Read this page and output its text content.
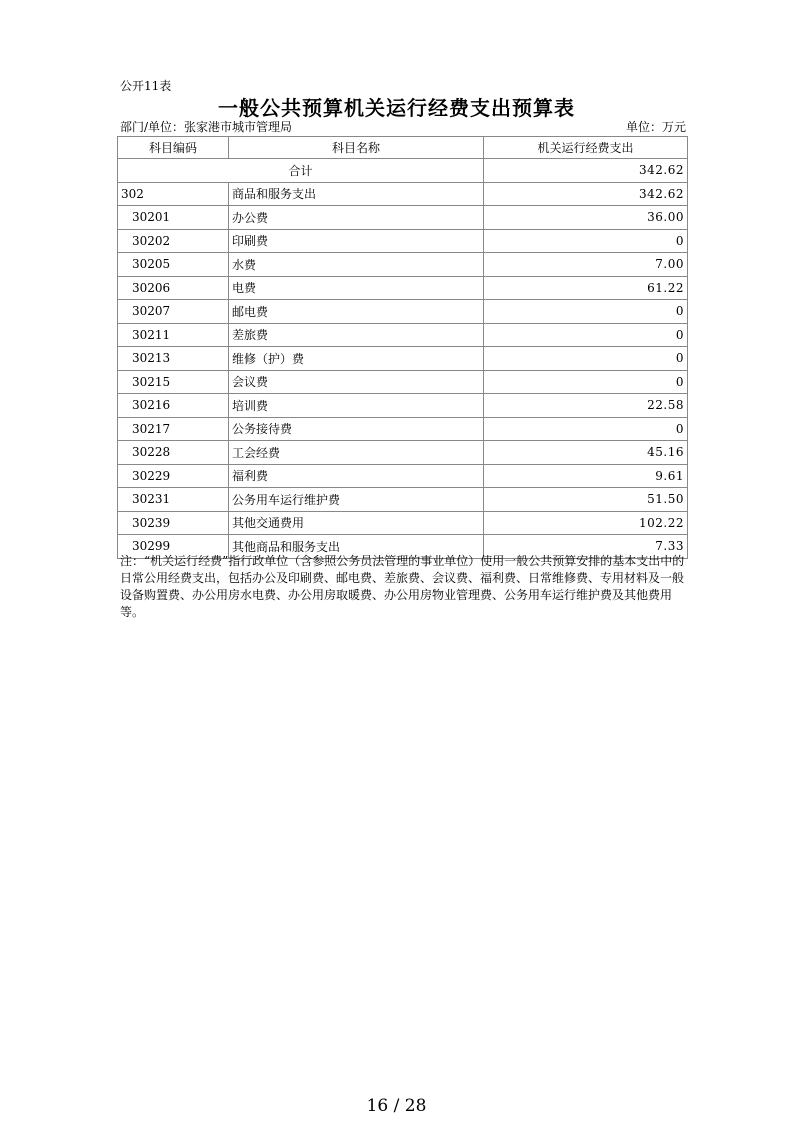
公开11表
一般公共预算机关运行经费支出预算表
部门/单位：张家港市城市管理局	单位：万元
科目编码	科目名称	机关运行经费支出
合计		342.62
302	商品和服务支出	342.62
30201	办公费	36.00
30202	印刷费	0
30205	水费	7.00
30206	电费	61.22
30207	邮电费	0
30211	差旅费	0
30213	维修（护）费	0
30215	会议费	0
30216	培训费	22.58
30217	公务接待费	0
30228	工会经费	45.16
30229	福利费	9.61
30231	公务用车运行维护费	51.50
30239	其他交通费用	102.22
30299	其他商品和服务支出	7.33
注：“机关运行经费”指行政单位（含参照公务员法管理的事业单位）使用一般公共预算安排的基本支出中的日常公用经费支出，包括办公及印刷费、邮电费、差旅费、会议费、福利费、日常维修费、专用材料及一般设备购置费、办公用房水电费、办公用房取暖费、办公用房物业管理费、公务用车运行维护费及其他费用等。
16 / 28
